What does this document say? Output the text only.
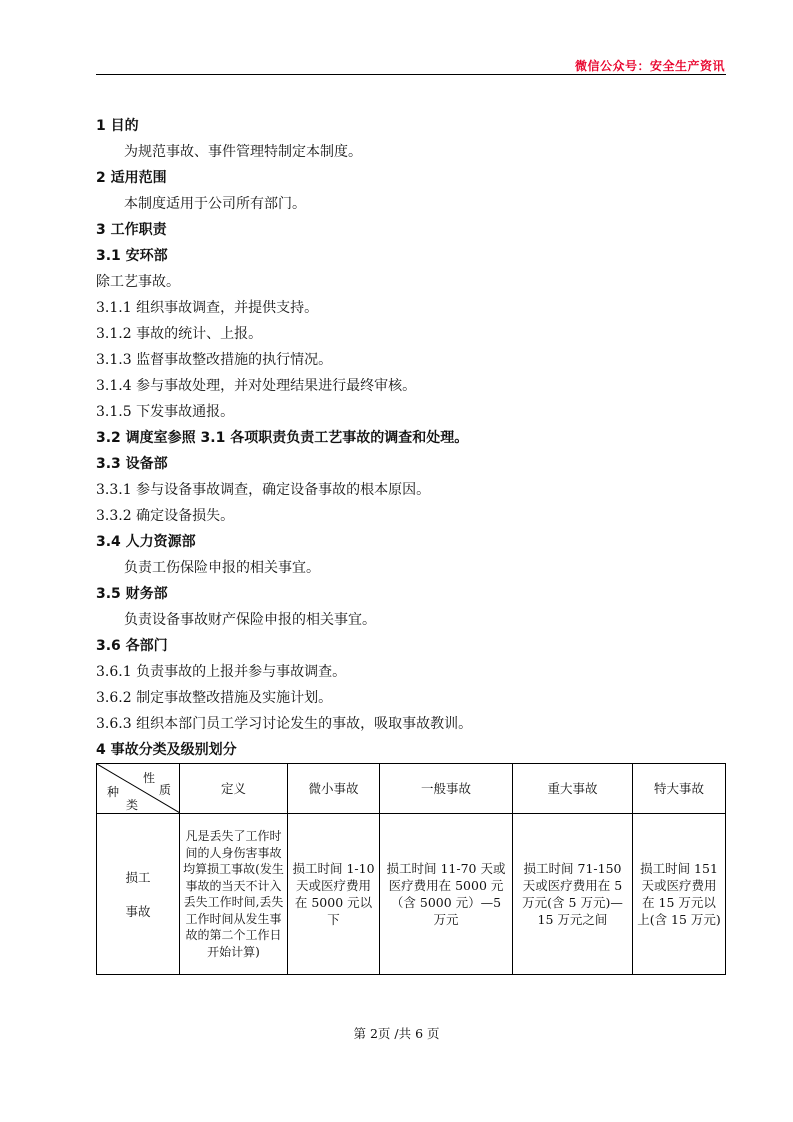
微信公众号：安全生产资讯
1 目的
为规范事故、事件管理特制定本制度。
2 适用范围
本制度适用于公司所有部门。
3 工作职责
3.1 安环部
除工艺事故。
3.1.1 组织事故调查，并提供支持。
3.1.2 事故的统计、上报。
3.1.3 监督事故整改措施的执行情况。
3.1.4 参与事故处理，并对处理结果进行最终审核。
3.1.5 下发事故通报。
3.2 调度室参照 3.1 各项职责负责工艺事故的调查和处理。
3.3 设备部
3.3.1 参与设备事故调查，确定设备事故的根本原因。
3.3.2 确定设备损失。
3.4 人力资源部
负责工伤保险申报的相关事宜。
3.5 财务部
负责设备事故财产保险申报的相关事宜。
3.6 各部门
3.6.1 负责事故的上报并参与事故调查。
3.6.2 制定事故整改措施及实施计划。
3.6.3 组织本部门员工学习讨论发生的事故，吸取事故教训。
4 事故分类及级别划分
性
质
种
类	定义	微小事故	一般事故	重大事故	特大事故

损工
事故	凡是丢失了工作时间的人身伤害事故均算损工事故(发生事故的当天不计入丢失工作时间,丢失工作时间从发生事故的第二个工作日开始计算)	损工时间 1-10 天或医疗费用在 5000 元以下	损工时间 11-70 天或医疗费用在 5000 元（含 5000 元）—5 万元	损工时间 71-150 天或医疗费用在 5 万元(含 5 万元)—15 万元之间	损工时间 151 天或医疗费用在 15 万元以上(含 15 万元)
第 2页 /共 6 页
